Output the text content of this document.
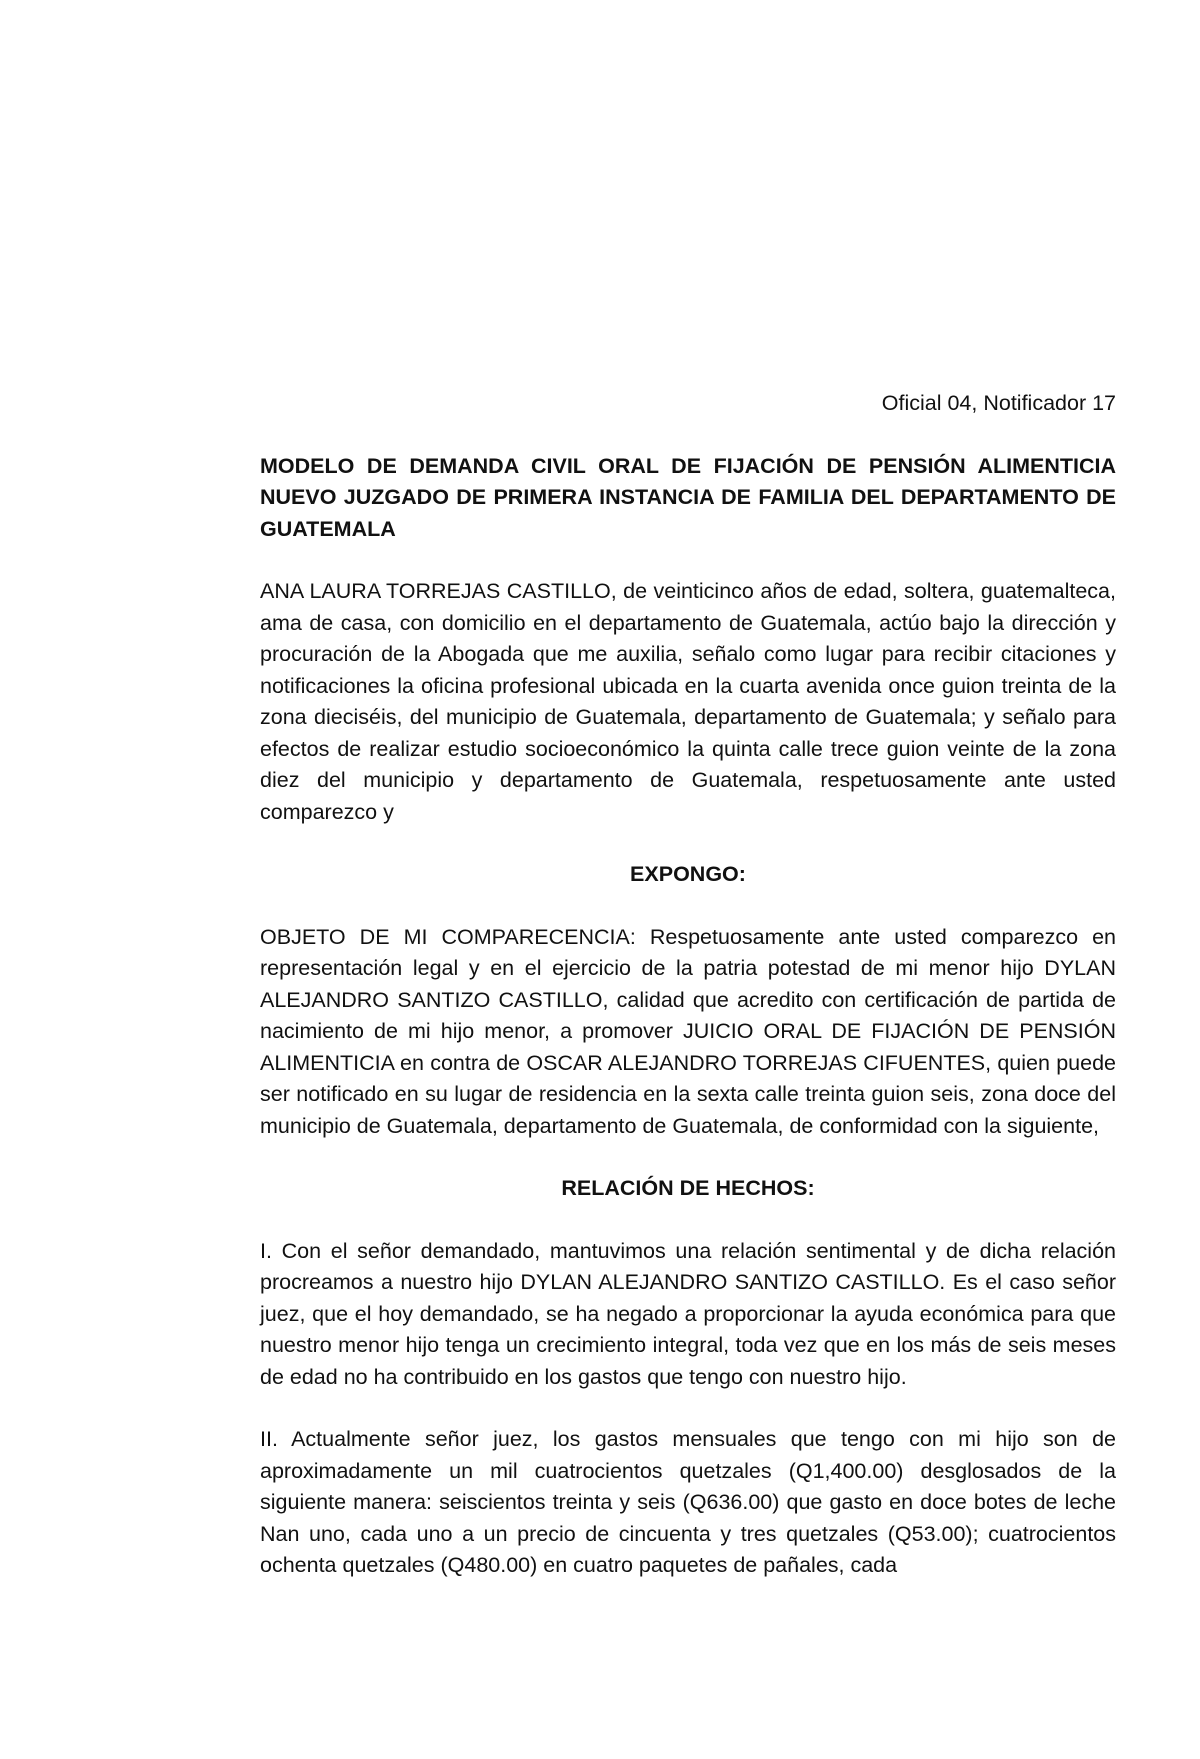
Oficial 04, Notificador 17

MODELO DE DEMANDA CIVIL ORAL DE FIJACIÓN DE PENSIÓN ALIMENTICIA NUEVO JUZGADO DE PRIMERA INSTANCIA DE FAMILIA DEL DEPARTAMENTO DE GUATEMALA

ANA LAURA TORREJAS CASTILLO, de veinticinco años de edad, soltera, guatemalteca, ama de casa, con domicilio en el departamento de Guatemala, actúo bajo la dirección y procuración de la Abogada que me auxilia, señalo como lugar para recibir citaciones y notificaciones la oficina profesional ubicada en la cuarta avenida once guion treinta de la zona dieciséis, del municipio de Guatemala, departamento de Guatemala; y señalo para efectos de realizar estudio socioeconómico la quinta calle trece guion veinte de la zona diez del municipio y departamento de Guatemala, respetuosamente ante usted comparezco y

EXPONGO:

OBJETO DE MI COMPARECENCIA: Respetuosamente ante usted comparezco en representación legal y en el ejercicio de la patria potestad de mi menor hijo DYLAN ALEJANDRO SANTIZO CASTILLO, calidad que acredito con certificación de partida de nacimiento de mi hijo menor, a promover JUICIO ORAL DE FIJACIÓN DE PENSIÓN ALIMENTICIA en contra de OSCAR ALEJANDRO TORREJAS CIFUENTES, quien puede ser notificado en su lugar de residencia en la sexta calle treinta guion seis, zona doce del municipio de Guatemala, departamento de Guatemala, de conformidad con la siguiente,

RELACIÓN DE HECHOS:

I. Con el señor demandado, mantuvimos una relación sentimental y de dicha relación procreamos a nuestro hijo DYLAN ALEJANDRO SANTIZO CASTILLO. Es el caso señor juez, que el hoy demandado, se ha negado a proporcionar la ayuda económica para que nuestro menor hijo tenga un crecimiento integral, toda vez que en los más de seis meses de edad no ha contribuido en los gastos que tengo con nuestro hijo.

II. Actualmente señor juez, los gastos mensuales que tengo con mi hijo son de aproximadamente un mil cuatrocientos quetzales (Q1,400.00) desglosados de la siguiente manera: seiscientos treinta y seis (Q636.00) que gasto en doce botes de leche Nan uno, cada uno a un precio de cincuenta y tres quetzales (Q53.00); cuatrocientos ochenta quetzales (Q480.00) en cuatro paquetes de pañales, cada
